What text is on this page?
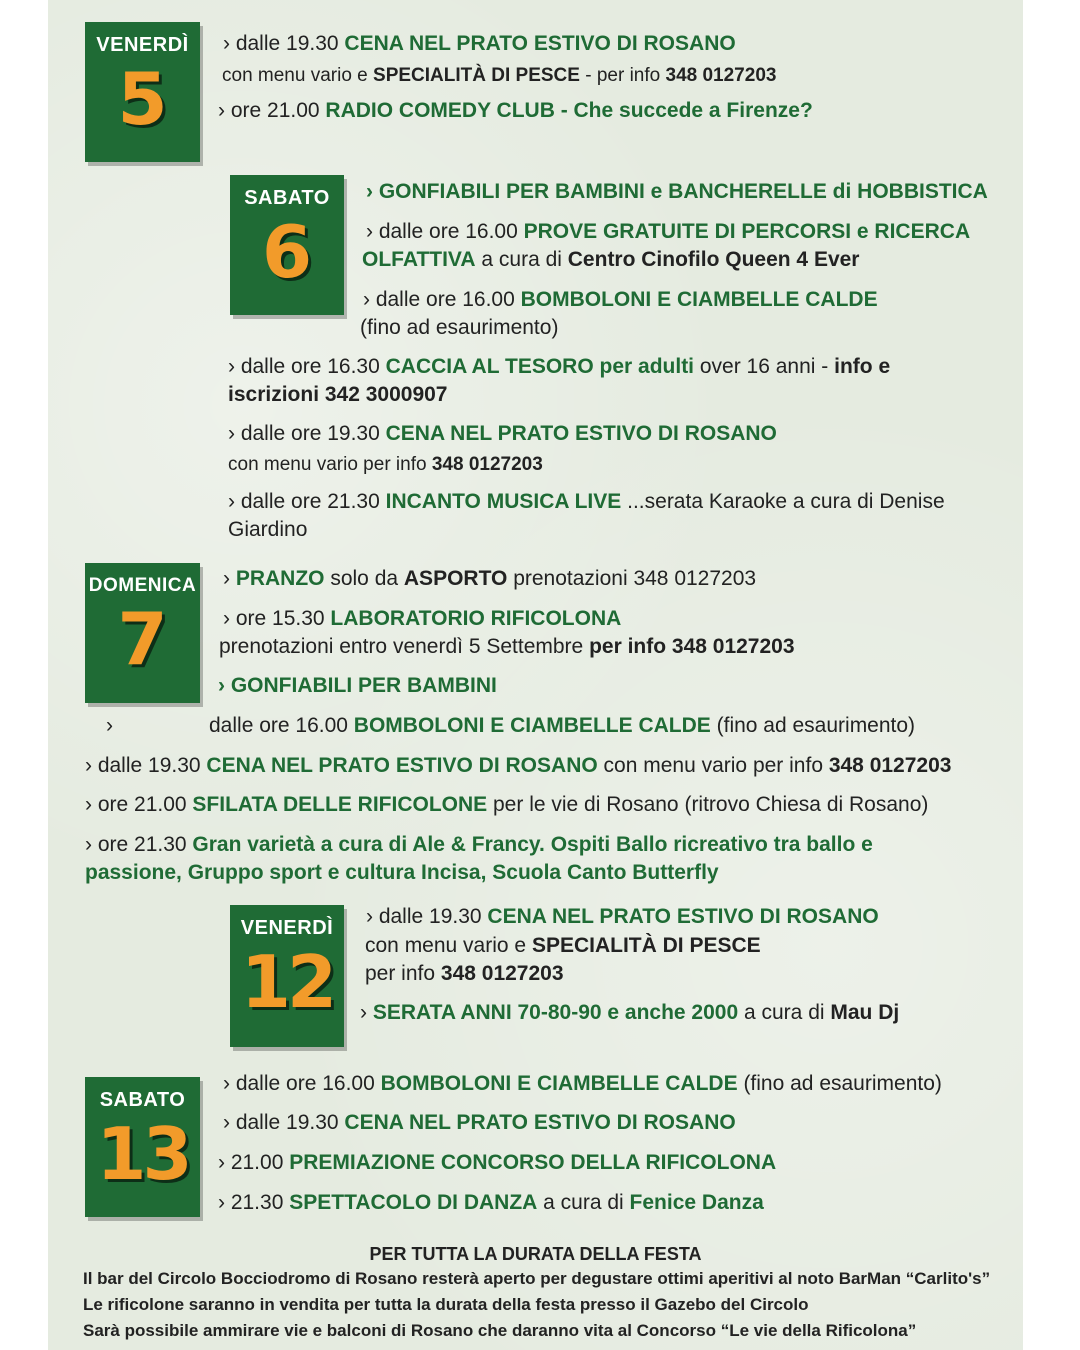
VENERDÌ
5
SABATO
6
DOMENICA
7
VENERDÌ
12
SABATO
13
› dalle 19.30 CENA NEL PRATO ESTIVO DI ROSANO
con menu vario e SPECIALITÀ DI PESCE - per info 348 0127203
› ore 21.00 RADIO COMEDY CLUB - Che succede a Firenze?
› GONFIABILI PER BAMBINI e BANCHERELLE di HOBBISTICA
› dalle ore 16.00 PROVE GRATUITE DI PERCORSI e RICERCA
OLFATTIVA a cura di Centro Cinofilo Queen 4 Ever
› dalle ore 16.00 BOMBOLONI E CIAMBELLE CALDE
(fino ad esaurimento)
› dalle ore 16.30 CACCIA AL TESORO per adulti over 16 anni - info e
iscrizioni 342 3000907
› dalle ore 19.30 CENA NEL PRATO ESTIVO DI ROSANO
con menu vario per info 348 0127203
› dalle ore 21.30 INCANTO MUSICA LIVE ...serata Karaoke a cura di Denise
Giardino
› PRANZO solo da ASPORTO prenotazioni 348 0127203
› ore 15.30 LABORATORIO RIFICOLONA
prenotazioni entro venerdì 5 Settembre per info 348 0127203
› GONFIABILI PER BAMBINI
›	dalle ore 16.00 BOMBOLONI E CIAMBELLE CALDE (fino ad esaurimento)
› dalle 19.30 CENA NEL PRATO ESTIVO DI ROSANO con menu vario per info 348 0127203
› ore 21.00 SFILATA DELLE RIFICOLONE per le vie di Rosano (ritrovo Chiesa di Rosano)
› ore 21.30 Gran varietà a cura di Ale & Francy. Ospiti Ballo ricreativo tra ballo e
passione, Gruppo sport e cultura Incisa, Scuola Canto Butterfly
› dalle 19.30 CENA NEL PRATO ESTIVO DI ROSANO
con menu vario e SPECIALITÀ DI PESCE
per info 348 0127203
› SERATA ANNI 70-80-90 e anche 2000 a cura di Mau Dj
› dalle ore 16.00 BOMBOLONI E CIAMBELLE CALDE (fino ad esaurimento)
› dalle 19.30 CENA NEL PRATO ESTIVO DI ROSANO
› 21.00 PREMIAZIONE CONCORSO DELLA RIFICOLONA
› 21.30 SPETTACOLO DI DANZA a cura di Fenice Danza
PER TUTTA LA DURATA DELLA FESTA
Il bar del Circolo Bocciodromo di Rosano resterà aperto per degustare ottimi aperitivi al noto BarMan “Carlito's”
Le rificolone saranno in vendita per tutta la durata della festa presso il Gazebo del Circolo
Sarà possibile ammirare vie e balconi di Rosano che daranno vita al Concorso “Le vie della Rificolona”
